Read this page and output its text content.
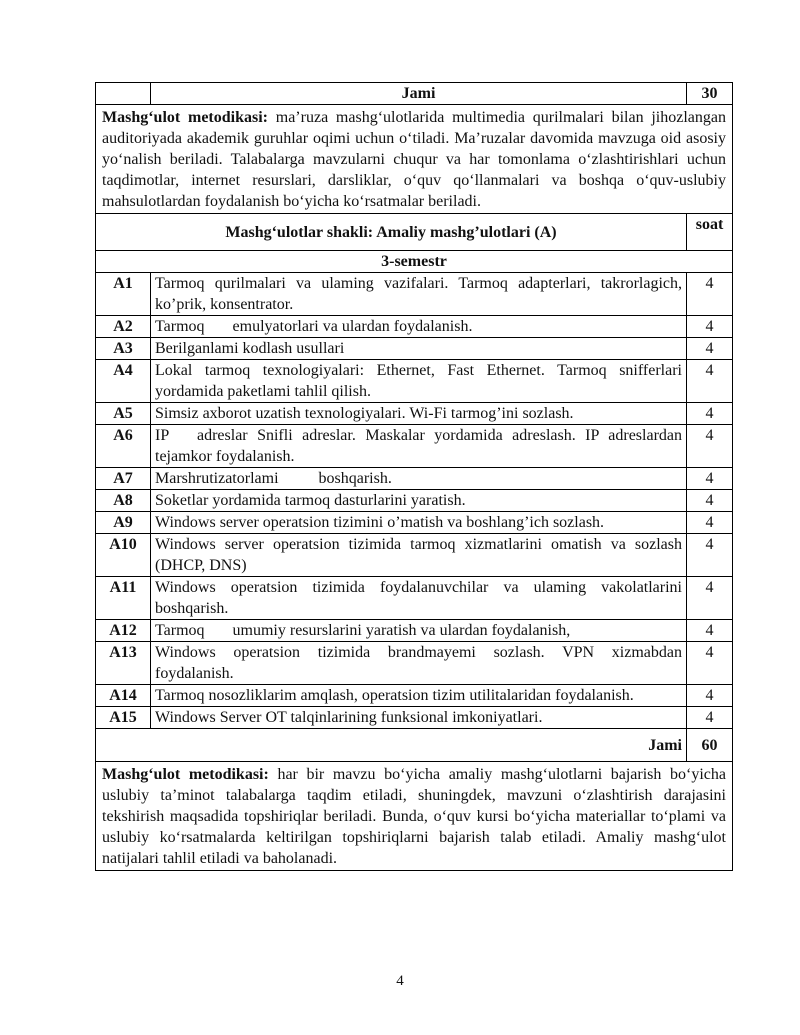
	Jami	30
Mashg‘ulot metodikasi: ma’ruza mashg‘ulotlarida multimedia qurilmalari bilan jihozlangan auditoriyada akademik guruhlar oqimi uchun o‘tiladi. Ma’ruzalar davomida mavzuga oid asosiy yo‘nalish beriladi. Talabalarga mavzularni chuqur va har tomonlama o‘zlashtirishlari uchun taqdimotlar, internet resurslari, darsliklar, o‘quv qo‘llanmalari va boshqa o‘quv-uslubiy mahsulotlardan foydalanish bo‘yicha ko‘rsatmalar beriladi.		
Mashg‘ulotlar shakli: Amaliy mashg’ulotlari (A)		soat
3-semestr		
A1	Tarmoq qurilmalari va ulaming vazifalari. Tarmoq adapterlari, takrorlagich, ko’prik, konsentrator.	4
A2	Tarmoq       emulyatorlari va ulardan foydalanish.	4
A3	Berilganlami kodlash usullari	4
A4	Lokal tarmoq texnologiyalari: Ethernet, Fast Ethernet. Tarmoq snifferlari yordamida paketlami tahlil qilish.	4
A5	Simsiz axborot uzatish texnologiyalari. Wi-Fi tarmog’ini sozlash.	4
A6	IP   adreslar Snifli adreslar. Maskalar yordamida adreslash. IP adreslardan tejamkor foydalanish.	4
A7	Marshrutizatorlami          boshqarish.	4
A8	Soketlar yordamida tarmoq dasturlarini yaratish.	4
A9	Windows server operatsion tizimini o’matish va boshlang’ich sozlash.	4
A10	Windows server operatsion tizimida tarmoq xizmatlarini omatish va sozlash (DHCP, DNS)	4
A11	Windows operatsion tizimida foydalanuvchilar va ulaming vakolatlarini boshqarish.	4
A12	Tarmoq       umumiy resurslarini yaratish va ulardan foydalanish,	4
A13	Windows operatsion tizimida brandmayemi sozlash. VPN xizmabdan foydalanish.	4
A14	Tarmoq nosozliklarim amqlash, operatsion tizim utilitalaridan foydalanish.	4
A15	Windows Server OT talqinlarining funksional imkoniyatlari.	4
Jami		60
Mashg‘ulot metodikasi: har bir mavzu bo‘yicha amaliy mashg‘ulotlarni bajarish bo‘yicha uslubiy ta’minot talabalarga taqdim etiladi, shuningdek, mavzuni o‘zlashtirish darajasini tekshirish maqsadida topshiriqlar beriladi. Bunda, o‘quv kursi bo‘yicha materiallar to‘plami va uslubiy ko‘rsatmalarda keltirilgan topshiriqlarni bajarish talab etiladi. Amaliy mashg‘ulot natijalari tahlil etiladi va baholanadi.		
4
